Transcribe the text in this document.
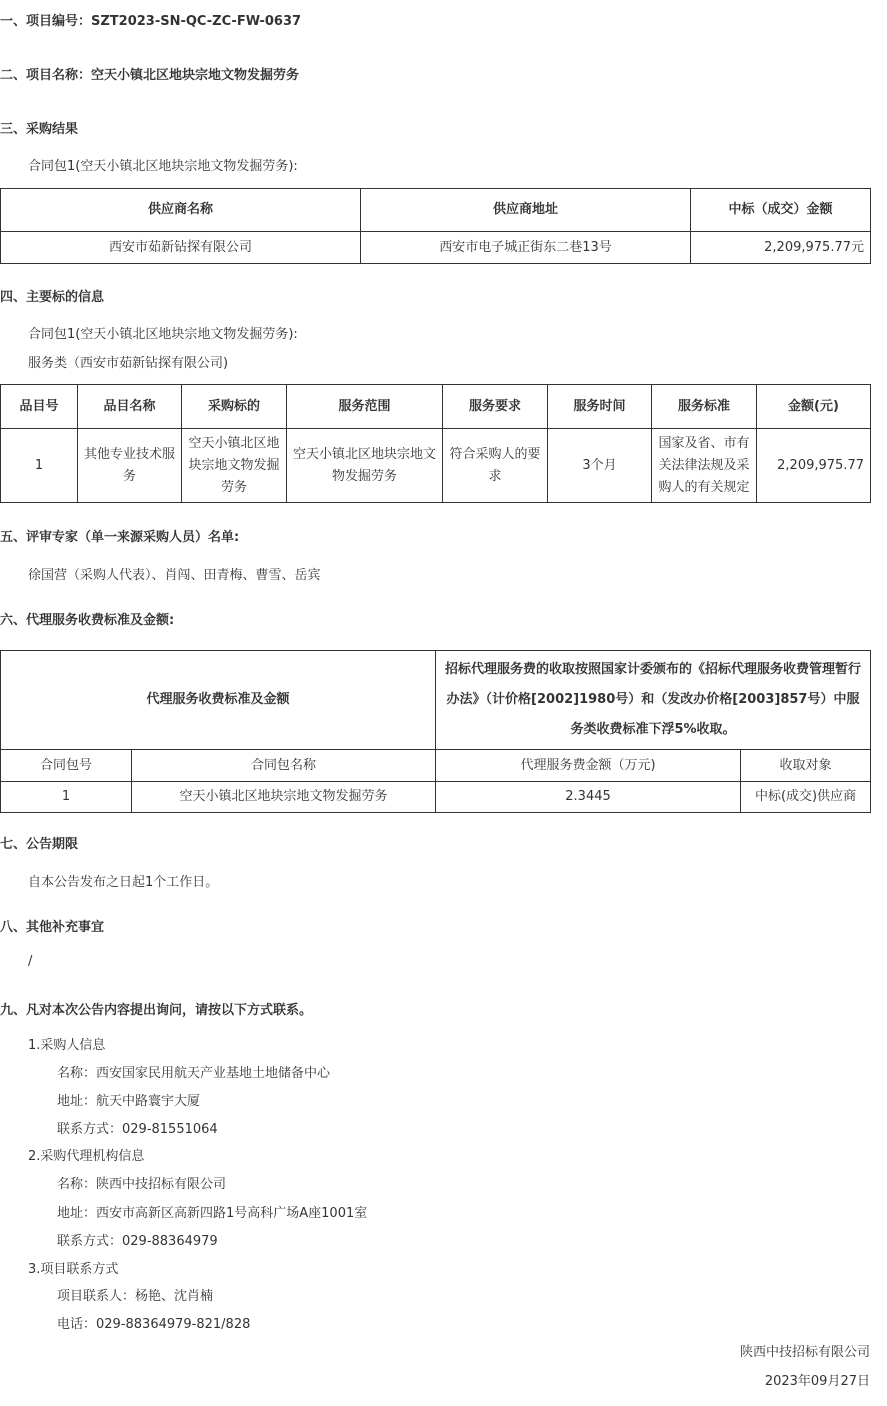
一、项目编号：SZT2023-SN-QC-ZC-FW-0637
二、项目名称：空天小镇北区地块宗地文物发掘劳务
三、采购结果
合同包1(空天小镇北区地块宗地文物发掘劳务):
供应商名称	供应商地址	中标（成交）金额
西安市茹新钻探有限公司	西安市电子城正街东二巷13号	2,209,975.77元
四、主要标的信息
合同包1(空天小镇北区地块宗地文物发掘劳务):
服务类（西安市茹新钻探有限公司)
品目号	品目名称	采购标的	服务范围	服务要求	服务时间	服务标准	金额(元)
1	其他专业技术服务	空天小镇北区地块宗地文物发掘劳务	空天小镇北区地块宗地文物发掘劳务	符合采购人的要求	3个月	国家及省、市有关法律法规及采购人的有关规定	2,209,975.77
五、评审专家（单一来源采购人员）名单:
徐国营（采购人代表）、肖闯、田青梅、曹雪、岳宾
六、代理服务收费标准及金额:
代理服务收费标准及金额		招标代理服务费的收取按照国家计委颁布的《招标代理服务收费管理暂行办法》（计价格[2002]1980号）和（发改办价格[2003]857号）中服务类收费标准下浮5%收取。	
合同包号	合同包名称	代理服务费金额（万元)	收取对象
1	空天小镇北区地块宗地文物发掘劳务	2.3445	中标(成交)供应商
七、公告期限
自本公告发布之日起1个工作日。
八、其他补充事宜
/
九、凡对本次公告内容提出询问，请按以下方式联系。
1.采购人信息
名称：西安国家民用航天产业基地土地储备中心
地址：航天中路寰宇大厦
联系方式：029-81551064
2.采购代理机构信息
名称：陕西中技招标有限公司
地址：西安市高新区高新四路1号高科广场A座1001室
联系方式：029-88364979
3.项目联系方式
项目联系人：杨艳、沈肖楠
电话：029-88364979-821/828
陕西中技招标有限公司
2023年09月27日
